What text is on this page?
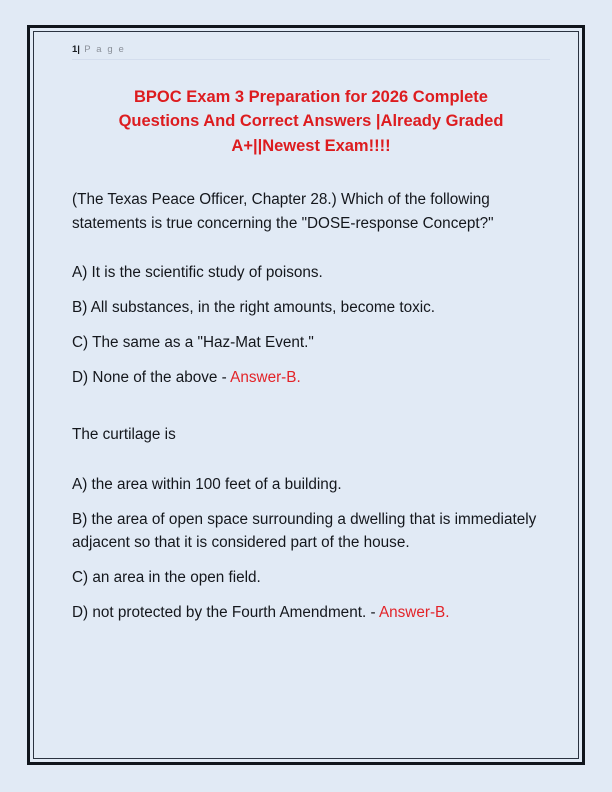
1| P a g e
BPOC Exam 3 Preparation for 2026 Complete Questions And Correct Answers |Already Graded A+||Newest Exam!!!!
(The Texas Peace Officer, Chapter 28.) Which of the following statements is true concerning the "DOSE-response Concept?"
A) It is the scientific study of poisons.
B) All substances, in the right amounts, become toxic.
C) The same as a "Haz-Mat Event."
D) None of the above - Answer-B.
The curtilage is
A) the area within 100 feet of a building.
B) the area of open space surrounding a dwelling that is immediately adjacent so that it is considered part of the house.
C) an area in the open field.
D) not protected by the Fourth Amendment. - Answer-B.
